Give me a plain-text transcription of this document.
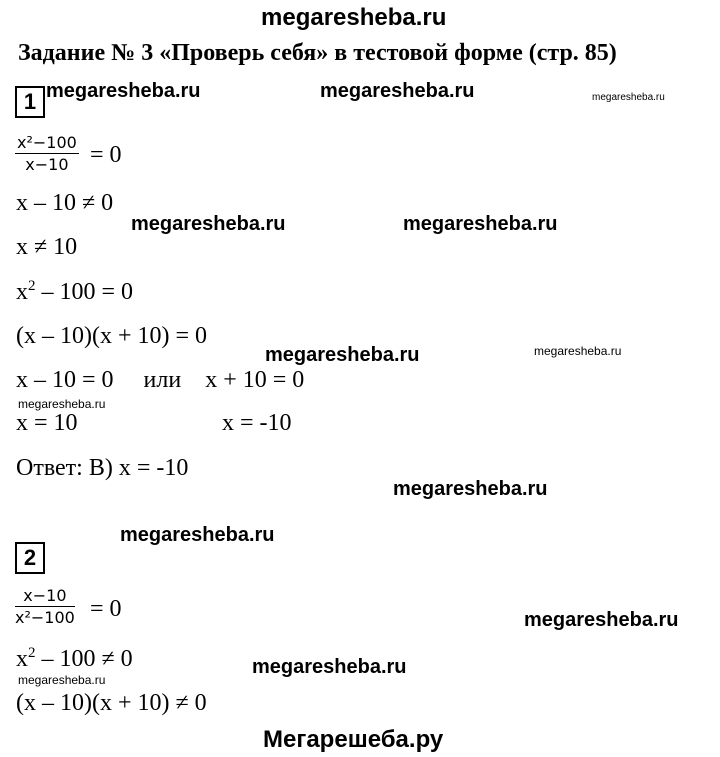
megaresheba.ru
Задание № 3 «Проверь себя» в тестовой форме (стр. 85)
1
$\frac{\text{x²−100}}{x-10} = 0$
x – 10 ≠ 0
x ≠ 10
$x^2 - 100 = 0$
(x – 10)(x + 10) = 0
x – 10 = 0     или    x + 10 = 0
x = 10	x = -10
Ответ: В) x = -10
2
$\frac{x-10}{\text{x²−100}} = 0$
$x^2 - 100 \ne 0$
(x – 10)(x + 10) ≠ 0
megaresheba.ru	megaresheba.ru	megaresheba.ru
megaresheba.ru	megaresheba.ru
megaresheba.ru	megaresheba.ru
megaresheba.ru
megaresheba.ru
megaresheba.ru
megaresheba.ru
megaresheba.ru
megaresheba.ru
Мегарешеба.ру
